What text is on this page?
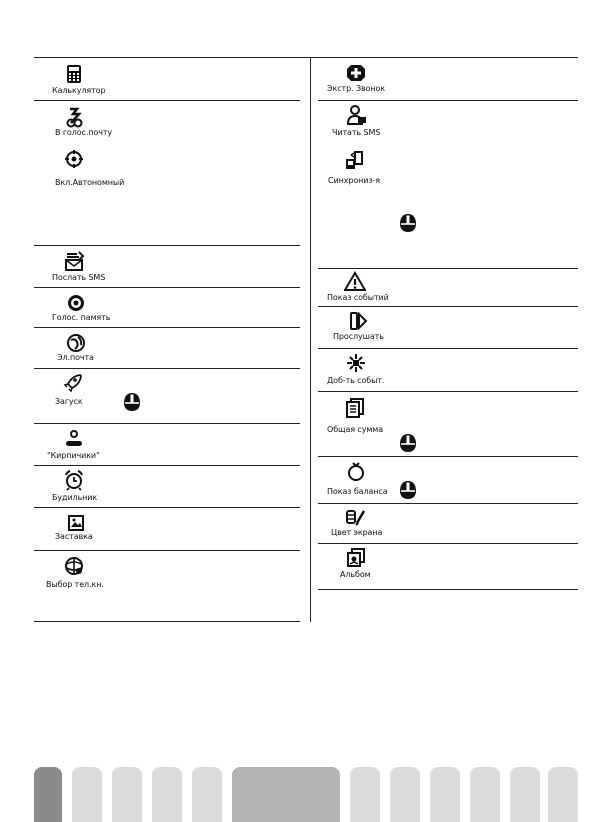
Калькулятор
В голос.почту
Вкл.Автономный
Послать SMS
Голос. память
Эл.почта
Загуск
"Кирпичики"
Будильник
Заставка
Выбор тел.кн.
Экстр. Звонок
Читать SMS
Синхрониз-я
Показ событий
Прослушать
Доб-ть событ.
Общая сумма
Показ баланса
Цвет экрана
Альбом
